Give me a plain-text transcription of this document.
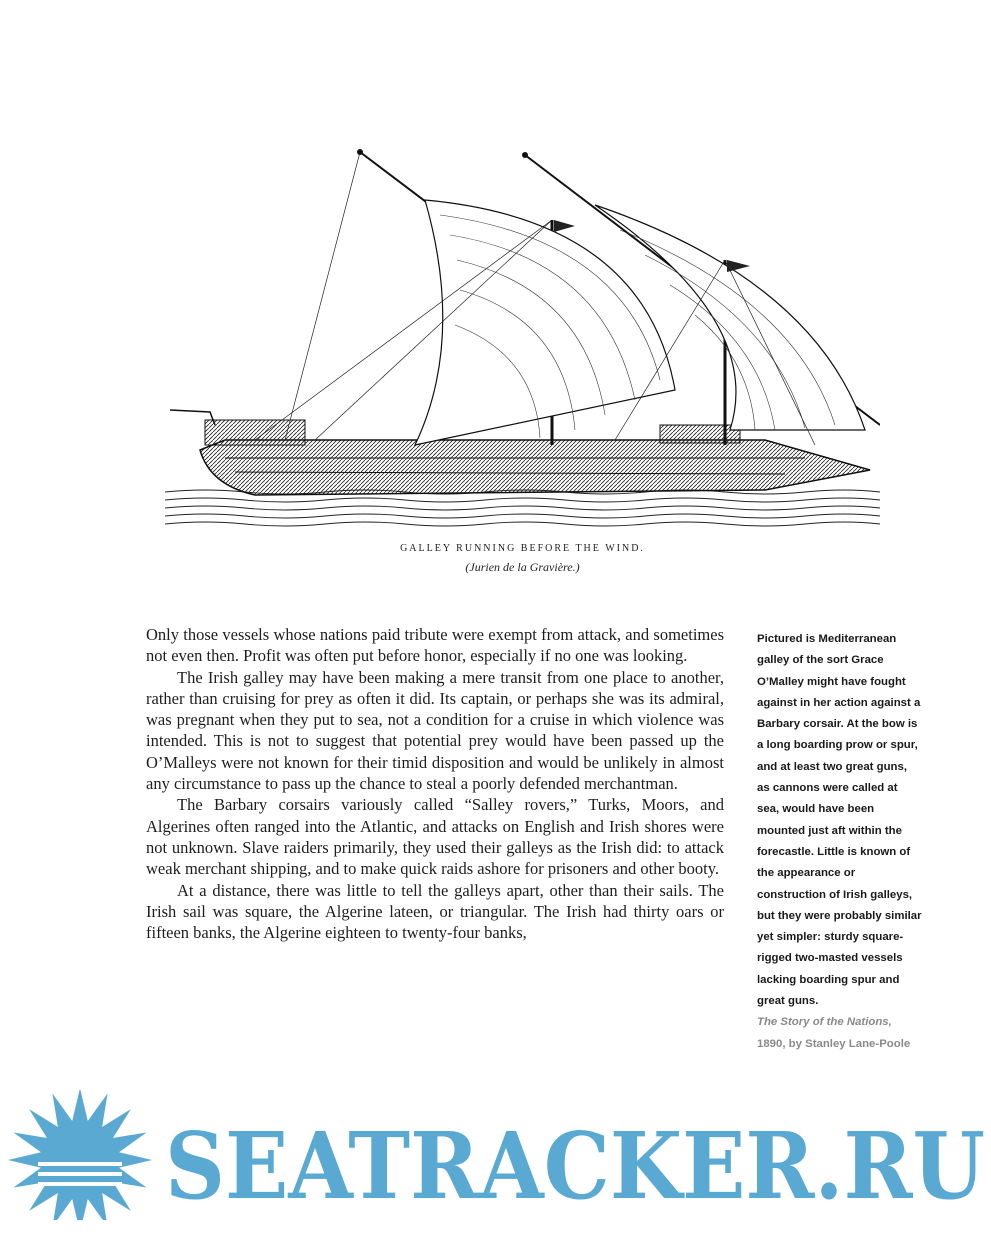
GALLEY RUNNING BEFORE THE WIND.
(Jurien de la Gravière.)

Only those vessels whose nations paid tribute were exempt from attack, and sometimes not even then. Profit was often put before honor, especially if no one was looking.

The Irish galley may have been making a mere transit from one place to another, rather than cruising for prey as often it did. Its captain, or perhaps she was its admiral, was pregnant when they put to sea, not a condition for a cruise in which violence was intended. This is not to suggest that potential prey would have been passed up the O’Malleys were not known for their timid disposition and would be unlikely in almost any circumstance to pass up the chance to steal a poorly defended merchantman.

The Barbary corsairs variously called “Salley rovers,” Turks, Moors, and Algerines often ranged into the Atlantic, and attacks on English and Irish shores were not unknown. Slave raiders primarily, they used their galleys as the Irish did: to attack weak merchant shipping, and to make quick raids ashore for prisoners and other booty.

At a distance, there was little to tell the galleys apart, other than their sails. The Irish sail was square, the Algerine lateen, or triangular. The Irish had thirty oars or fifteen banks, the Algerine eighteen to twenty-four banks,

Pictured is Mediterranean galley of the sort Grace O’Malley might have fought against in her action against a Barbary corsair. At the bow is a long boarding prow or spur, and at least two great guns, as cannons were called at sea, would have been mounted just aft within the forecastle. Little is known of the appearance or construction of Irish galleys, but they were probably similar yet simpler: sturdy square-rigged two-masted vessels lacking boarding spur and great guns.

The Story of the Nations, 1890, by Stanley Lane-Poole

SEATRACKER.RU
